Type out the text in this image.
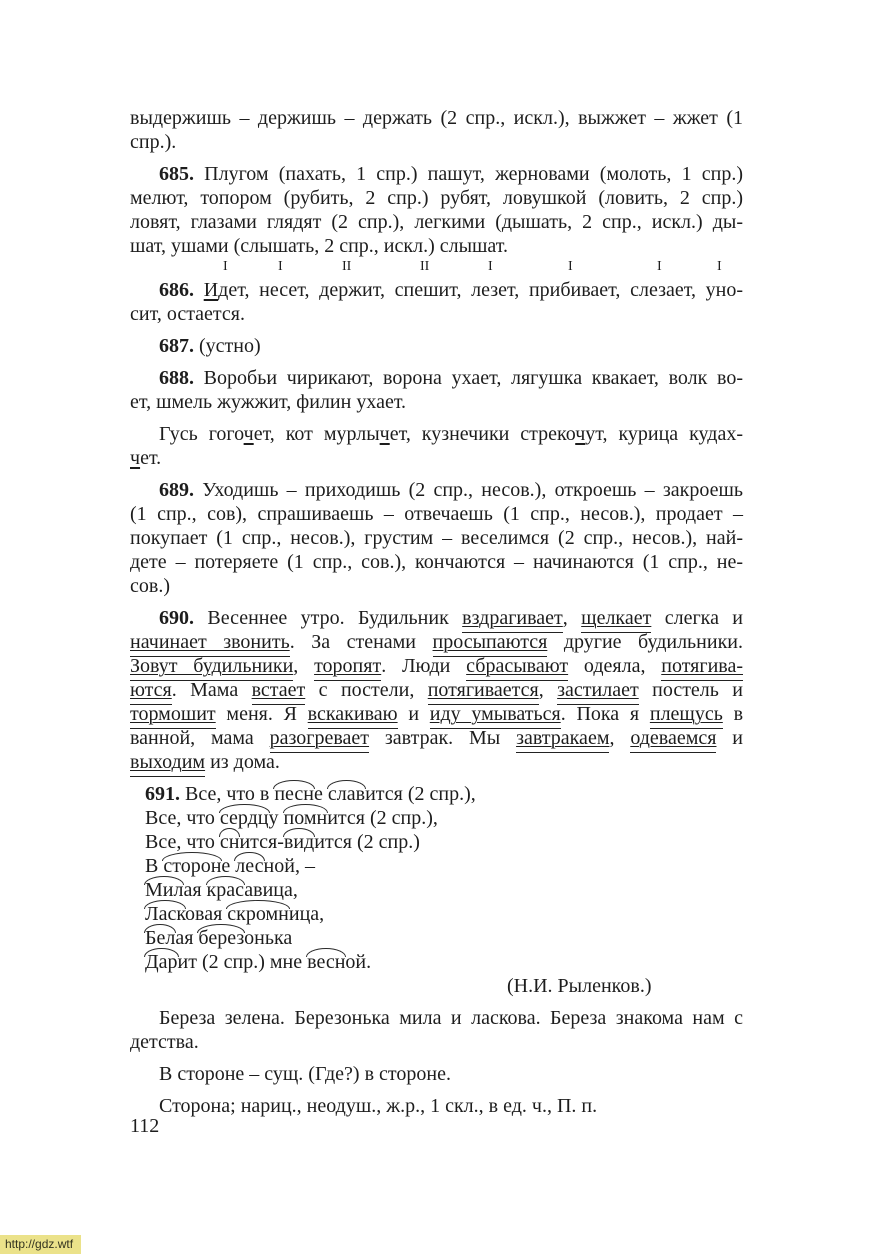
выдержишь – держишь – держать (2 спр., искл.), выжжет – жжет (1
спр.).
685. Плугом (пахать, 1 спр.) пашут, жерновами (молоть, 1 спр.)
мелют, топором (рубить, 2 спр.) рубят, ловушкой (ловить, 2 спр.)
ловят, глазами глядят (2 спр.), легкими (дышать, 2 спр., искл.) ды-
шат, ушами (слышать, 2 спр., искл.) слышат.
I	I	II	II	I	I	I	I
686. Идет, несет, держит, спешит, лезет, прибивает, слезает, уно-
сит, остается.
687. (устно)
688. Воробьи чирикают, ворона ухает, лягушка квакает, волк во-
ет, шмель жужжит, филин ухает.
Гусь гогочет, кот мурлычет, кузнечики стрекочут, курица кудах-
чет.
689. Уходишь – приходишь (2 спр., несов.), откроешь – закроешь
(1 спр., сов), спрашиваешь – отвечаешь (1 спр., несов.), продает –
покупает (1 спр., несов.), грустим – веселимся (2 спр., несов.), най-
дете – потеряете (1 спр., сов.), кончаются – начинаются (1 спр., не-
сов.)
690. Весеннее утро. Будильник вздрагивает, щелкает слегка и
начинает звонить. За стенами просыпаются другие будильники.
Зовут будильники, торопят. Люди сбрасывают одеяла, потягива-
ются. Мама встает с постели, потягивается, застилает постель и
тормошит меня. Я вскакиваю и иду умываться. Пока я плещусь в
ванной, мама разогревает завтрак. Мы завтракаем, одеваемся и
выходим из дома.
691. Все, что в песне славится (2 спр.),
Все, что сердцу помнится (2 спр.),
Все, что снится-видится (2 спр.)
В стороне лесной, –
Милая красавица,
Ласковая скромница,
Белая березонька
Дарит (2 спр.) мне весной.
(Н.И. Рыленков.)
Береза зелена. Березонька мила и ласкова. Береза знакома нам с
детства.
В стороне – сущ. (Где?) в стороне.
Сторона; нариц., неодуш., ж.р., 1 скл., в ед. ч., П. п.
112
http://gdz.wtf
